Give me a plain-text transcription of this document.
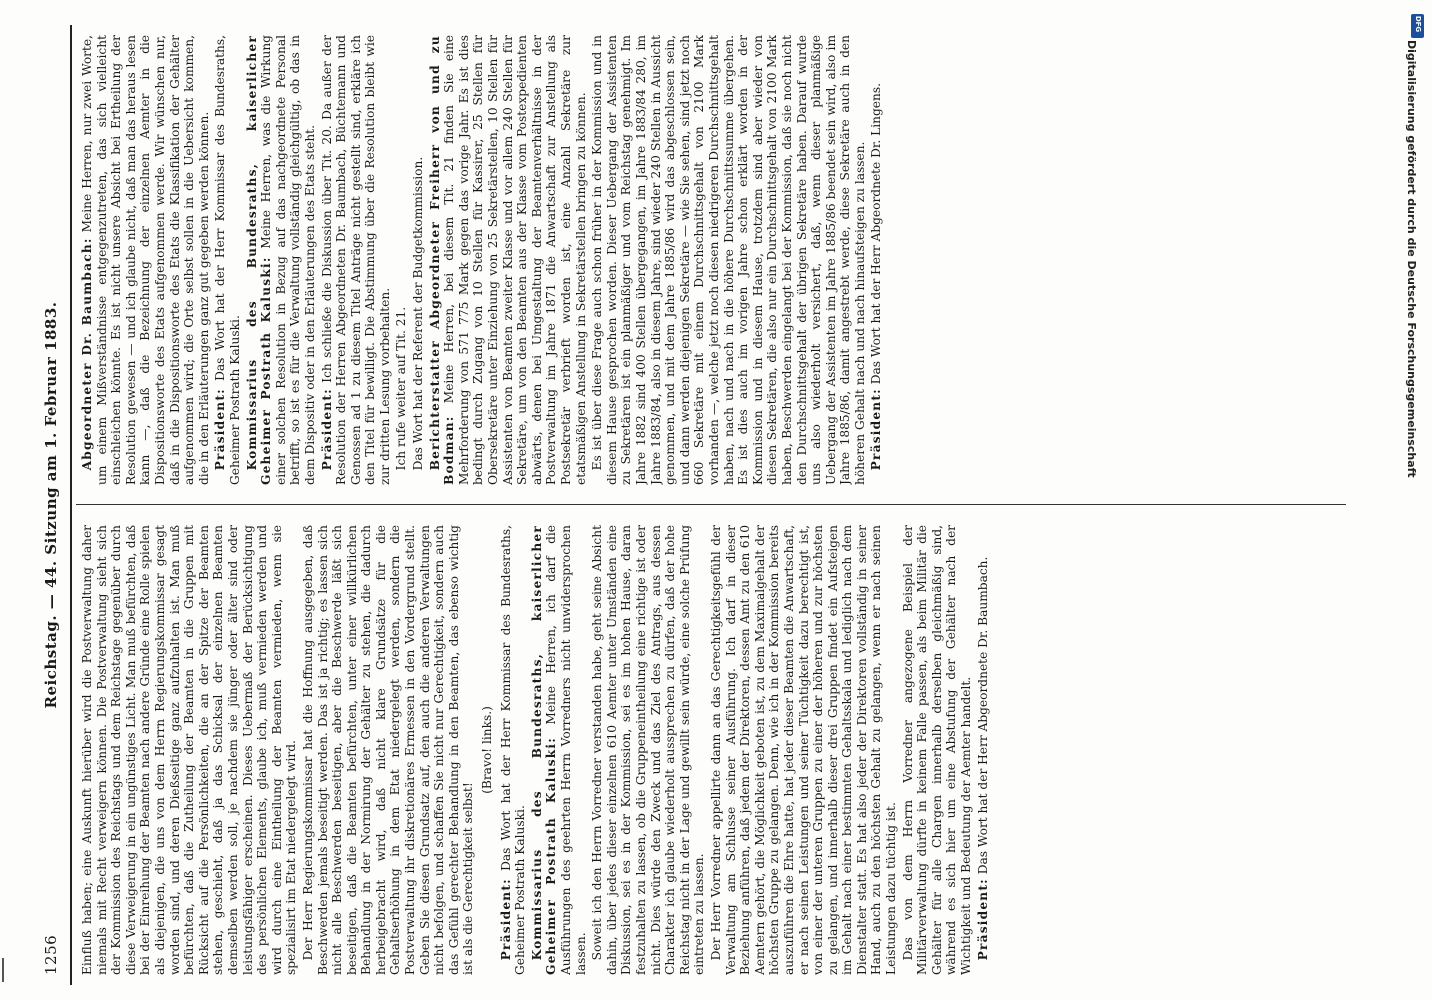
1256
Reichstag. — 44. Sitzung am 1. Februar 1883.

Einfluß haben; eine Auskunft hierüber wird die Postverwaltung daher niemals mit Recht verweigern können. Die Postverwaltung sieht sich der Kommission des Reichstags und dem Reichstage gegenüber durch diese Verweigerung in ein ungünstiges Licht. Man muß befürchten, daß bei der Einreihung der Beamten nach andere Gründe eine Rolle spielen als diejenigen, die uns von dem Herrn Regierungskommissar gesagt worden sind, und deren Dießseitige ganz aufzuhalten ist. Man muß befürchten, daß die Zutheilung der Beamten in die Gruppen mit Rücksicht auf die Persönlichkeiten, die an der Spitze der Beamten stehen, geschieht, daß ja das Schicksal der einzelnen Beamten demselben werden soll, je nachdem sie jünger oder älter sind oder leistungsfähiger erscheinen. Dieses Uebermaß der Berücksichtigung des persönlichen Elements, glaube ich, muß vermieden werden und wird durch eine Eintheilung der Beamten vermieden, wenn sie spezialisirt im Etat niedergelegt wird. Der Herr Regierungskommissar hat die Hoffnung ausgegeben, daß Beschwerden jemals beseitigt werden. Das ist ja richtig; es lassen sich nicht alle Beschwerden beseitigen, aber die Beschwerde läßt sich beseitigen, daß die Beamten befürchten, unter einer willkürlichen Behandlung in der Normirung der Gehälter zu stehen, die dadurch herbeigebracht wird, daß nicht klare Grundsätze für die Gehaltserhöhung in dem Etat niedergelegt werden, sondern die Postverwaltung ihr diskretionäres Ermessen in den Vordergrund stellt. Geben Sie diesen Grundsatz auf, den auch die anderen Verwaltungen nicht befolgen, und schaffen Sie nicht nur Gerechtigkeit, sondern auch das Gefühl gerechter Behandlung in den Beamten, das ebenso wichtig ist als die Gerechtigkeit selbst!

(Bravo! links.)

Präsident: Das Wort hat der Herr Kommissar des Bundesraths, Geheimer Postrath Kaluski. Kommissarius des Bundesraths, kaiserlicher Geheimer Postrath Kaluski: Meine Herren, ich darf die Ausführungen des geehrten Herrn Vorredners nicht unwidersprochen lassen. Soweit ich den Herrn Vorredner verstanden habe, geht seine Absicht dahin, über jedes dieser einzelnen 610 Aemter unter Umständen eine Diskussion, sei es in der Kommission, sei es im hohen Hause, daran festzuhalten zu lassen, ob die Gruppeneintheilung eine richtige ist oder nicht. Dies würde den Zweck und das Ziel des Antrags, aus dessen Charakter ich glaube wiederholt aussprechen zu dürfen, daß der hohe Reichstag nicht in der Lage und gewillt sein würde, eine solche Prüfung eintreten zu lassen. Der Herr Vorredner appellirte dann an das Gerechtigkeitsgefühl der Verwaltung am Schlusse seiner Ausführung. Ich darf in dieser Beziehung anführen, daß jedem der Direktoren, dessen Amt zu den 610 Aemtern gehört, die Möglichkeit geboten ist, zu dem Maximalgehalt der höchsten Gruppe zu gelangen. Denn, wie ich in der Kommission bereits auszuführen die Ehre hatte, hat jeder dieser Beamten die Anwartschaft, er nach seinen Leistungen und seiner Tüchtigkeit dazu berechtigt ist, von einer der unteren Gruppen zu einer der höheren und zur höchsten zu gelangen, und innerhalb dieser drei Gruppen findet ein Aufsteigen im Gehalt nach einer bestimmten Gehaltsskala und lediglich nach dem Dienstalter statt. Es hat also jeder der Direktoren vollständig in seiner Hand, auch zu den höchsten Gehalt zu gelangen, wenn er nach seinen Leistungen dazu tüchtig ist. Das von dem Herrn Vorredner angezogene Beispiel der Militärverwaltung dürfte in keinem Falle passen, als beim Militär die Gehälter für alle Chargen innerhalb derselben gleichmäßig sind, während es sich hier um eine Abstufung der Gehälter nach der Wichtigkeit und Bedeutung der Aemter handelt. Präsident: Das Wort hat der Herr Abgeordnete Dr. Baumbach.

Abgeordneter Dr. Baumbach: Meine Herren, nur zwei Worte, um einem Mißverständnisse entgegenzutreten, das sich vielleicht einschleichen könnte. Es ist nicht unsere Absicht bei Ertheilung der Resolution gewesen — und ich glaube nicht, daß man das heraus lesen kann —, daß die Bezeichnung der einzelnen Aemter in die Dispositionsworte des Etats aufgenommen werde. Wir wünschen nur, daß in die Dispositionsworte des Etats die Klassifikation der Gehälter aufgenommen wird; die Orte selbst sollen in die Uebersicht kommen, die in den Erläuterungen ganz gut gegeben werden können. Präsident: Das Wort hat der Herr Kommissar des Bundesraths, Geheimer Postrath Kaluski. Kommissarius des Bundesraths, kaiserlicher Geheimer Postrath Kaluski: Meine Herren, was die Wirkung einer solchen Resolution in Bezug auf das nachgeordnete Personal betrifft, so ist es für die Verwaltung vollständig gleichgültig, ob das in dem Dispositiv oder in den Erläuterungen des Etats steht. Präsident: Ich schließe die Diskussion über Tit. 20. Da außer der Resolution der Herren Abgeordneten Dr. Baumbach, Büchtemann und Genossen ad 1 zu diesem Titel Anträge nicht gestellt sind, erkläre ich den Titel für bewilligt. Die Abstimmung über die Resolution bleibt wie zur dritten Lesung vorbehalten. Ich rufe weiter auf Tit. 21. Das Wort hat der Referent der Budgetkommission. Berichterstatter Abgeordneter Freiherr von und zu Bodman: Meine Herren, bei diesem Tit. 21 finden Sie eine Mehrforderung von 571 775 Mark gegen das vorige Jahr. Es ist dies bedingt durch Zugang von 10 Stellen für Kassirer, 25 Stellen für Obersekretäre unter Einziehung von 25 Sekretärstellen, 10 Stellen für Assistenten von Beamten zweiter Klasse und vor allem 240 Stellen für Sekretäre, um von den Beamten aus der Klasse vom Postexpedienten abwärts, denen bei Umgestaltung der Beamtenverhältnisse in der Postverwaltung im Jahre 1871 die Anwartschaft zur Anstellung als Postsekretär verbrieft worden ist, eine Anzahl Sekretäre zur etatsmäßigen Anstellung in Sekretärstellen bringen zu können. Es ist über diese Frage auch schon früher in der Kommission und in diesem Hause gesprochen worden. Dieser Uebergang der Assistenten zu Sekretären ist ein planmäßiger und vom Reichstag genehmigt. Im Jahre 1882 sind 400 Stellen übergegangen, im Jahre 1883/84 280, im Jahre 1883/84, also in diesem Jahre, sind wieder 240 Stellen in Aussicht genommen, und mit dem Jahre 1885/86 wird das abgeschlossen sein, und dann werden diejenigen Sekretäre — wie Sie sehen, sind jetzt noch 660 Sekretäre mit einem Durchschnittsgehalt von 2100 Mark vorhanden —, welche jetzt noch diesen niedrigeren Durchschnittsgehalt haben, nach und nach in die höhere Durchschnittssumme übergehen. Es ist dies auch im vorigen Jahre schon erklärt worden in der Kommission und in diesem Hause, trotzdem sind aber wieder von diesen Sekretären, die also nur ein Durchschnittsgehalt von 2100 Mark haben, Beschwerden eingelangt bei der Kommission, daß sie noch nicht den Durchschnittsgehalt der übrigen Sekretäre haben. Darauf wurde uns also wiederholt versichert, daß, wenn dieser planmäßige Uebergang der Assistenten im Jahre 1885/86 beendet sein wird, also im Jahre 1885/86, damit angestrebt werde, diese Sekretäre auch in den höheren Gehalt nach und nach hinaufsteigen zu lassen. Präsident: Das Wort hat der Herr Abgeordnete Dr. Lingens.

DFG
Digitalisierung gefördert durch die Deutsche Forschungsgemeinschaft
